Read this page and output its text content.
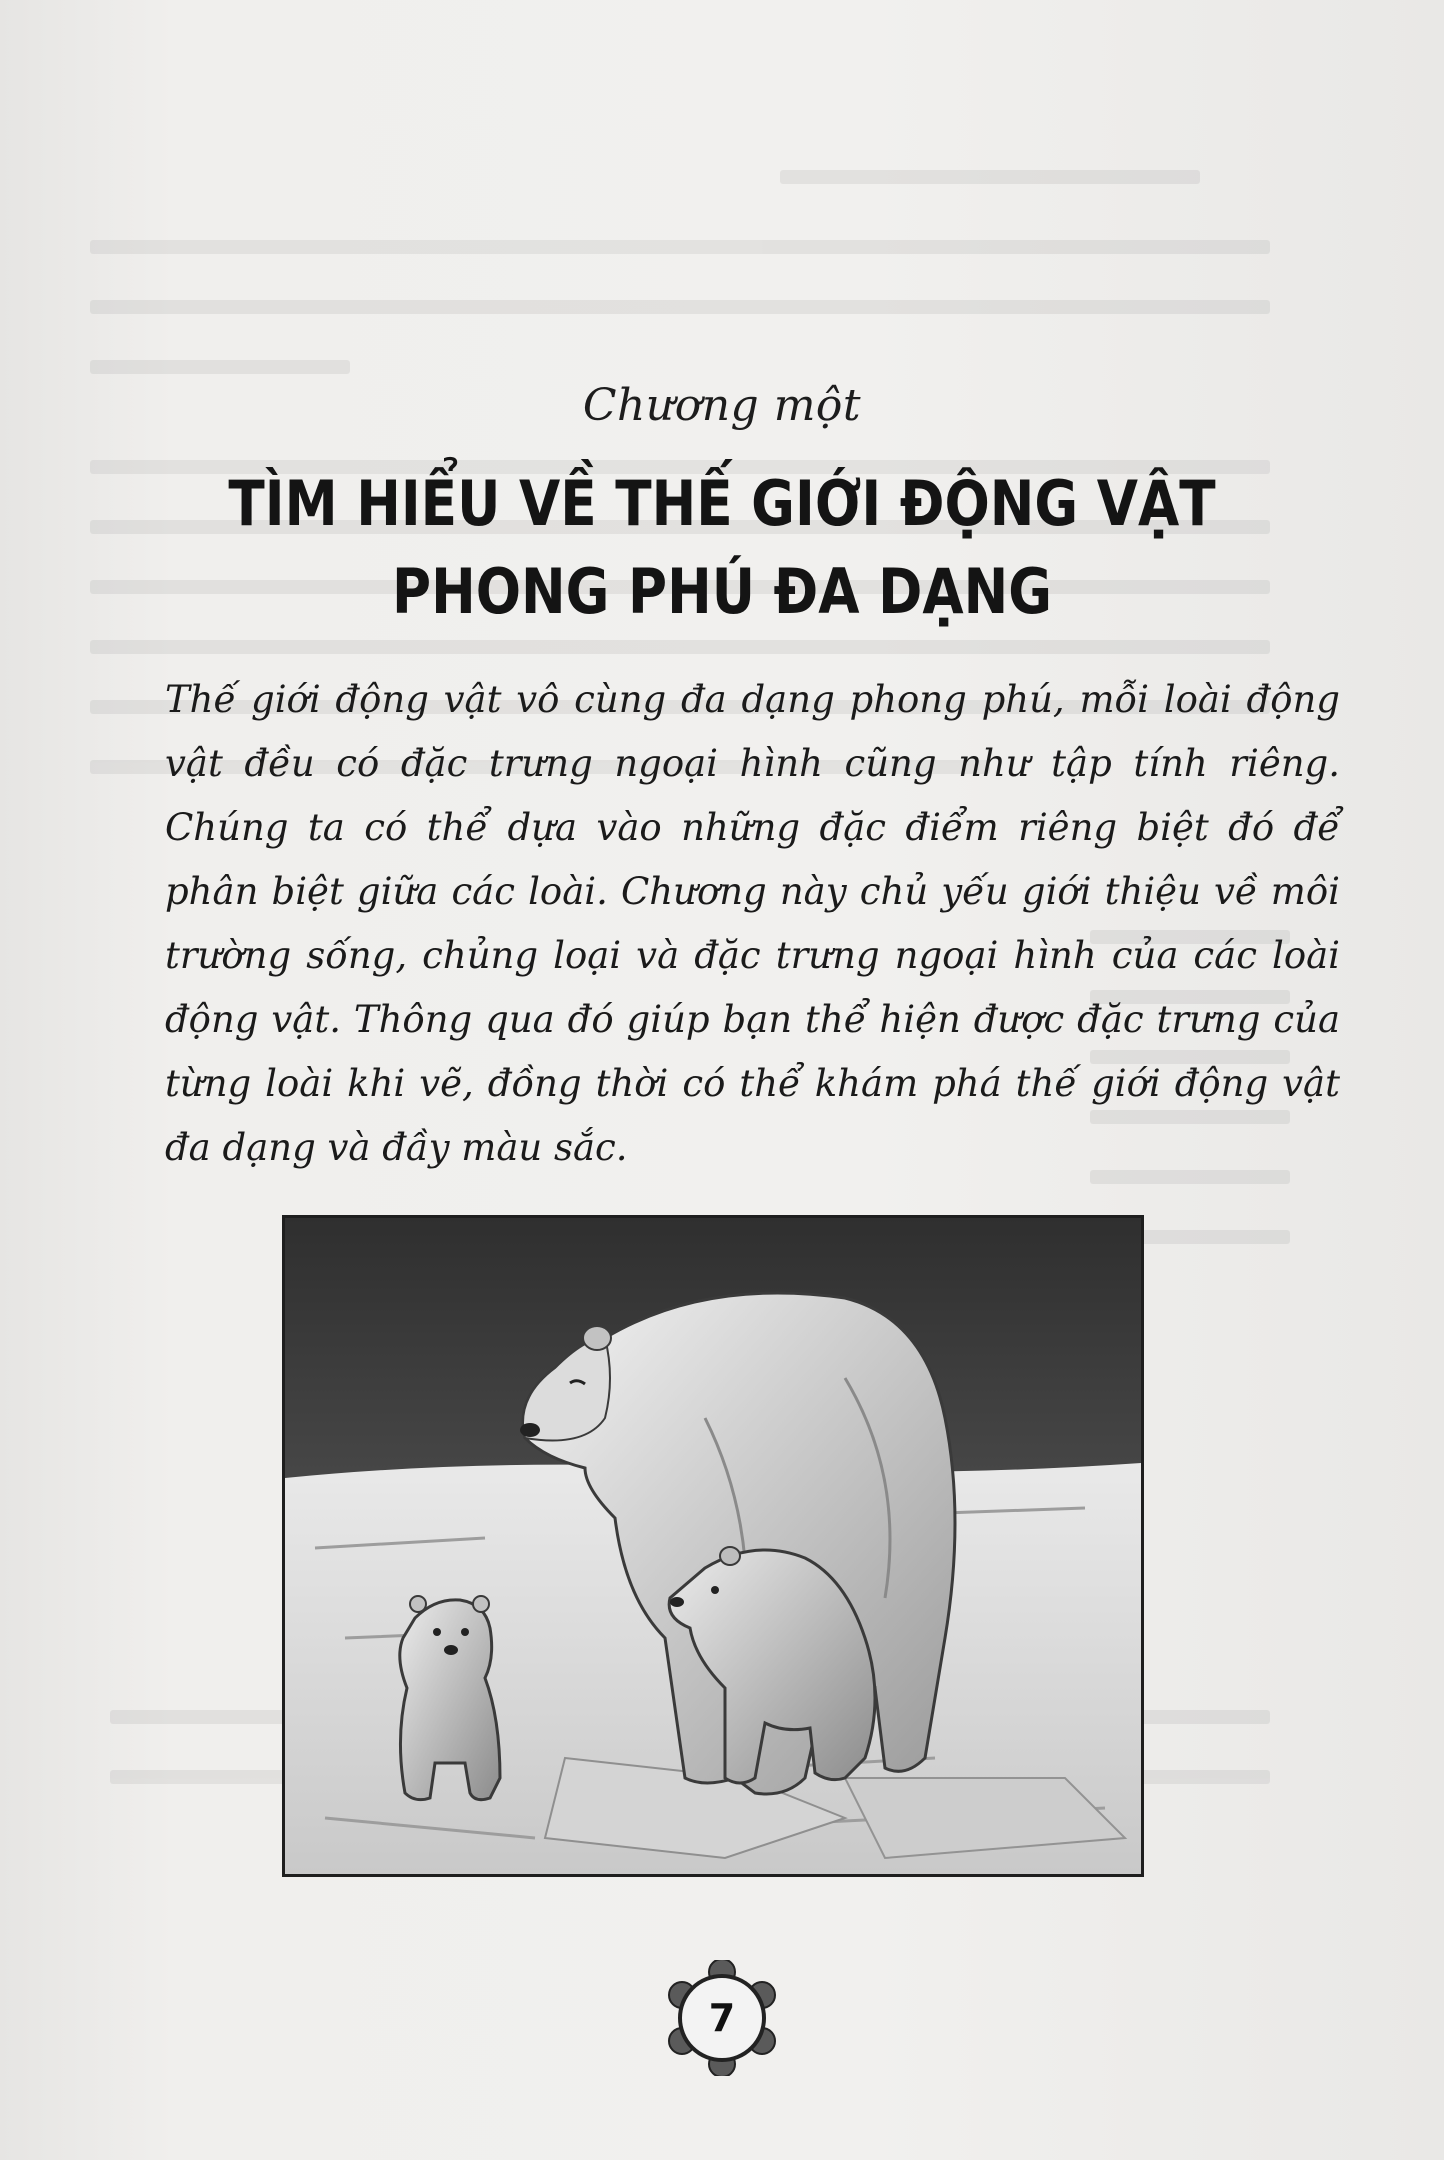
Chương một
TÌM HIỂU VỀ THẾ GIỚI ĐỘNG VẬT
PHONG PHÚ ĐA DẠNG
Thế giới động vật vô cùng đa dạng phong phú, mỗi loài động vật đều có đặc trưng ngoại hình cũng như tập tính riêng. Chúng ta có thể dựa vào những đặc điểm riêng biệt đó để phân biệt giữa các loài. Chương này chủ yếu giới thiệu về môi trường sống, chủng loại và đặc trưng ngoại hình của các loài động vật. Thông qua đó giúp bạn thể hiện được đặc trưng của từng loài khi vẽ, đồng thời có thể khám phá thế giới động vật đa dạng và đầy màu sắc.
7
